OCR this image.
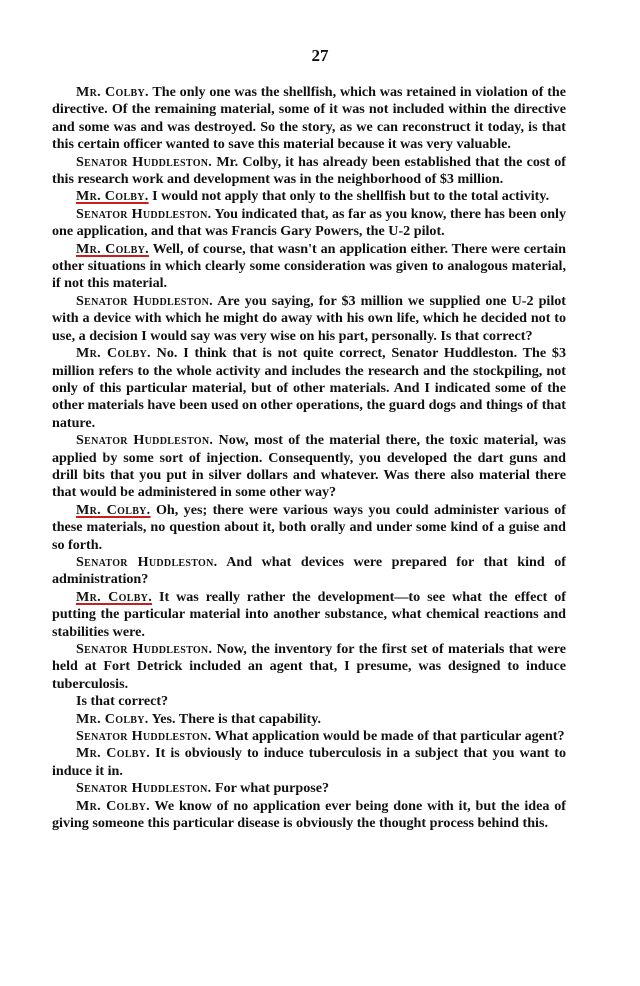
27

Mr. Colby. The only one was the shellfish, which was retained in violation of the directive. Of the remaining material, some of it was not included within the directive and some was and was destroyed. So the story, as we can reconstruct it today, is that this certain officer wanted to save this material because it was very valuable.

Senator Huddleston. Mr. Colby, it has already been established that the cost of this research work and development was in the neighborhood of $3 million.

Mr. Colby. I would not apply that only to the shellfish but to the total activity.

Senator Huddleston. You indicated that, as far as you know, there has been only one application, and that was Francis Gary Powers, the U-2 pilot.

Mr. Colby. Well, of course, that wasn't an application either. There were certain other situations in which clearly some consideration was given to analogous material, if not this material.

Senator Huddleston. Are you saying, for $3 million we supplied one U-2 pilot with a device with which he might do away with his own life, which he decided not to use, a decision I would say was very wise on his part, personally. Is that correct?

Mr. Colby. No. I think that is not quite correct, Senator Huddleston. The $3 million refers to the whole activity and includes the research and the stockpiling, not only of this particular material, but of other materials. And I indicated some of the other materials have been used on other operations, the guard dogs and things of that nature.

Senator Huddleston. Now, most of the material there, the toxic material, was applied by some sort of injection. Consequently, you developed the dart guns and drill bits that you put in silver dollars and whatever. Was there also material there that would be administered in some other way?

Mr. Colby. Oh, yes; there were various ways you could administer various of these materials, no question about it, both orally and under some kind of a guise and so forth.

Senator Huddleston. And what devices were prepared for that kind of administration?

Mr. Colby. It was really rather the development—to see what the effect of putting the particular material into another substance, what chemical reactions and stabilities were.

Senator Huddleston. Now, the inventory for the first set of materials that were held at Fort Detrick included an agent that, I presume, was designed to induce tuberculosis.

Is that correct?

Mr. Colby. Yes. There is that capability.

Senator Huddleston. What application would be made of that particular agent?

Mr. Colby. It is obviously to induce tuberculosis in a subject that you want to induce it in.

Senator Huddleston. For what purpose?

Mr. Colby. We know of no application ever being done with it, but the idea of giving someone this particular disease is obviously the thought process behind this.
